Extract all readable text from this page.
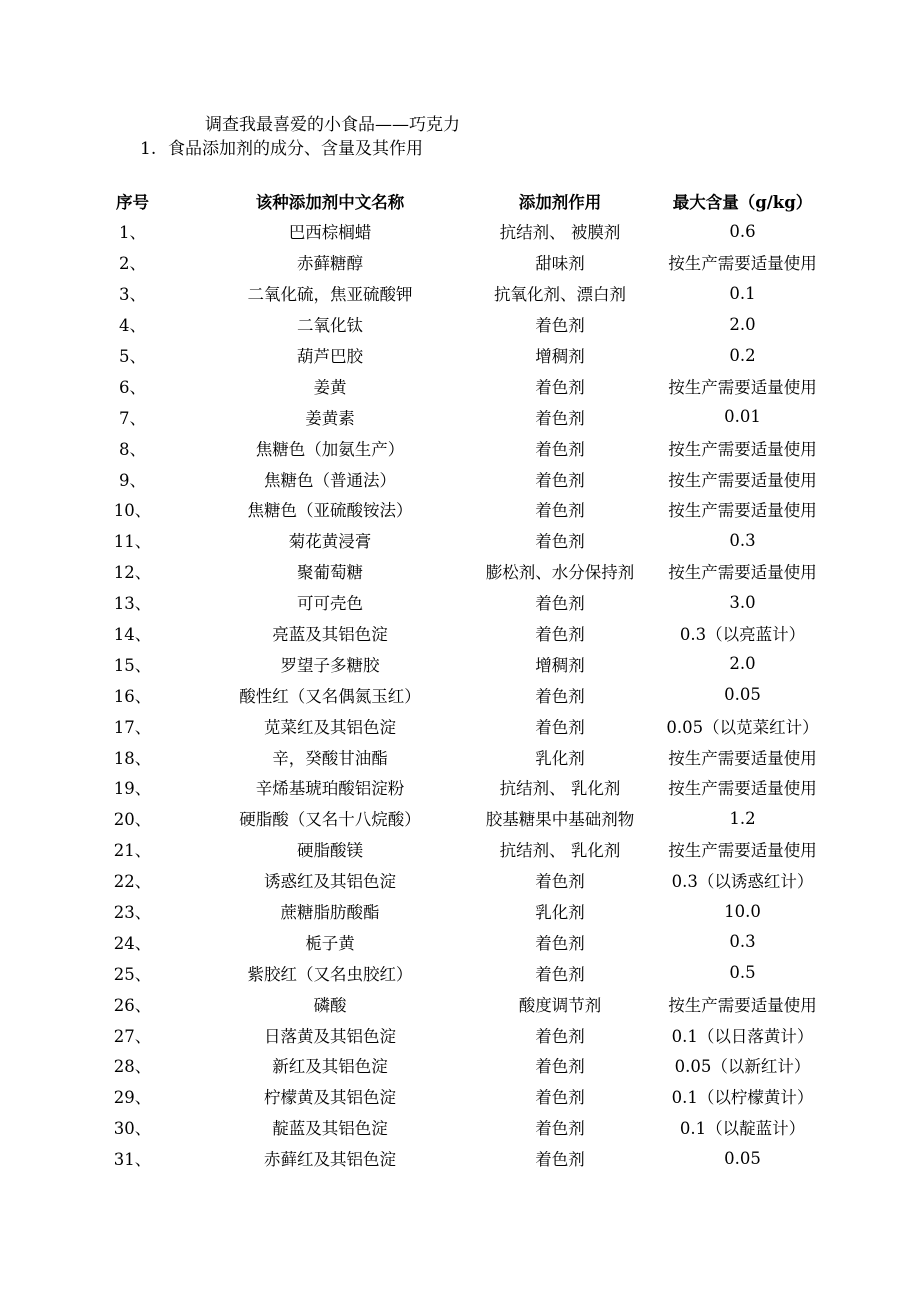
调查我最喜爱的小食品——巧克力
1. 食品添加剂的成分、含量及其作用
序号	该种添加剂中文名称	添加剂作用	最大含量（g/kg）
1、	巴西棕榈蜡	抗结剂、 被膜剂	0.6
2、	赤藓糖醇	甜味剂	按生产需要适量使用
3、	二氧化硫，焦亚硫酸钾	抗氧化剂、漂白剂	0.1
4、	二氧化钛	着色剂	2.0
5、	葫芦巴胶	增稠剂	0.2
6、	姜黄	着色剂	按生产需要适量使用
7、	姜黄素	着色剂	0.01
8、	焦糖色（加氨生产）	着色剂	按生产需要适量使用
9、	焦糖色（普通法）	着色剂	按生产需要适量使用
10、	焦糖色（亚硫酸铵法）	着色剂	按生产需要适量使用
11、	菊花黄浸膏	着色剂	0.3
12、	聚葡萄糖	膨松剂、水分保持剂	按生产需要适量使用
13、	可可壳色	着色剂	3.0
14、	亮蓝及其铝色淀	着色剂	0.3（以亮蓝计）
15、	罗望子多糖胶	增稠剂	2.0
16、	酸性红（又名偶氮玉红）	着色剂	0.05
17、	苋菜红及其铝色淀	着色剂	0.05（以苋菜红计）
18、	辛，癸酸甘油酯	乳化剂	按生产需要适量使用
19、	辛烯基琥珀酸铝淀粉	抗结剂、 乳化剂	按生产需要适量使用
20、	硬脂酸（又名十八烷酸）	胶基糖果中基础剂物	1.2
21、	硬脂酸镁	抗结剂、 乳化剂	按生产需要适量使用
22、	诱惑红及其铝色淀	着色剂	0.3（以诱惑红计）
23、	蔗糖脂肪酸酯	乳化剂	10.0
24、	栀子黄	着色剂	0.3
25、	紫胶红（又名虫胶红）	着色剂	0.5
26、	磷酸	酸度调节剂	按生产需要适量使用
27、	日落黄及其铝色淀	着色剂	0.1（以日落黄计）
28、	新红及其铝色淀	着色剂	0.05（以新红计）
29、	柠檬黄及其铝色淀	着色剂	0.1（以柠檬黄计）
30、	靛蓝及其铝色淀	着色剂	0.1（以靛蓝计）
31、	赤藓红及其铝色淀	着色剂	0.05
